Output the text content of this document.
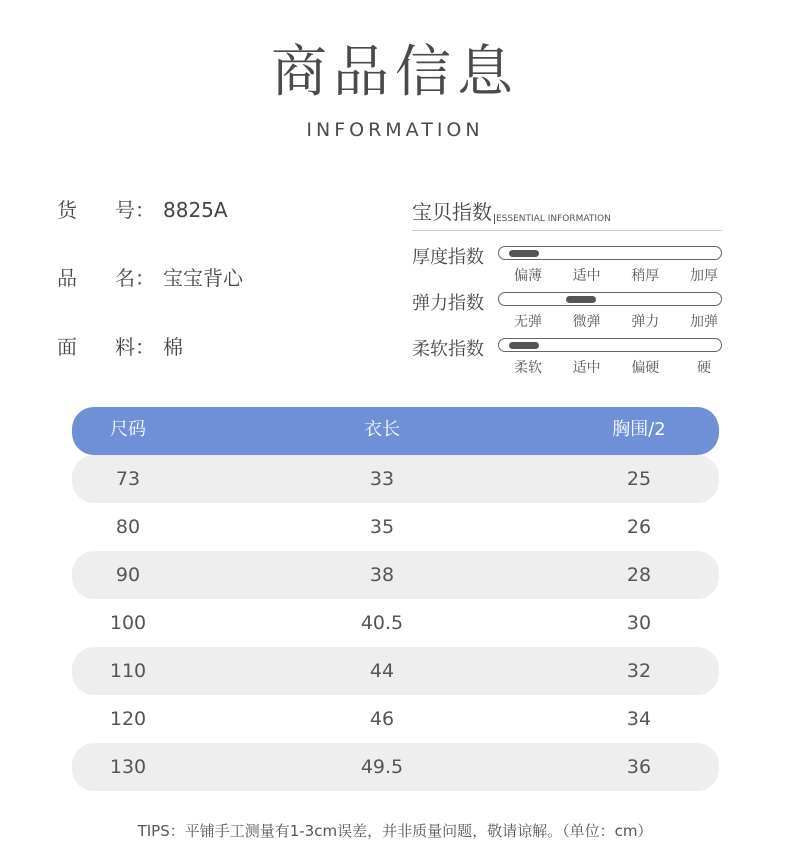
商品信息
INFORMATION
货 号： 8825A
品 名： 宝宝背心
面 料： 棉
宝贝指数 ESSENTIAL INFORMATION
厚度指数
偏薄	适中	稍厚	加厚
弹力指数
无弹	微弹	弹力	加弹
柔软指数
柔软	适中	偏硬	硬
尺码	衣长	胸围/2
73	33	25
80	35	26
90	38	28
100	40.5	30
110	44	32
120	46	34
130	49.5	36
TIPS：平铺手工测量有1-3cm误差，并非质量问题，敬请谅解。（单位：cm）
